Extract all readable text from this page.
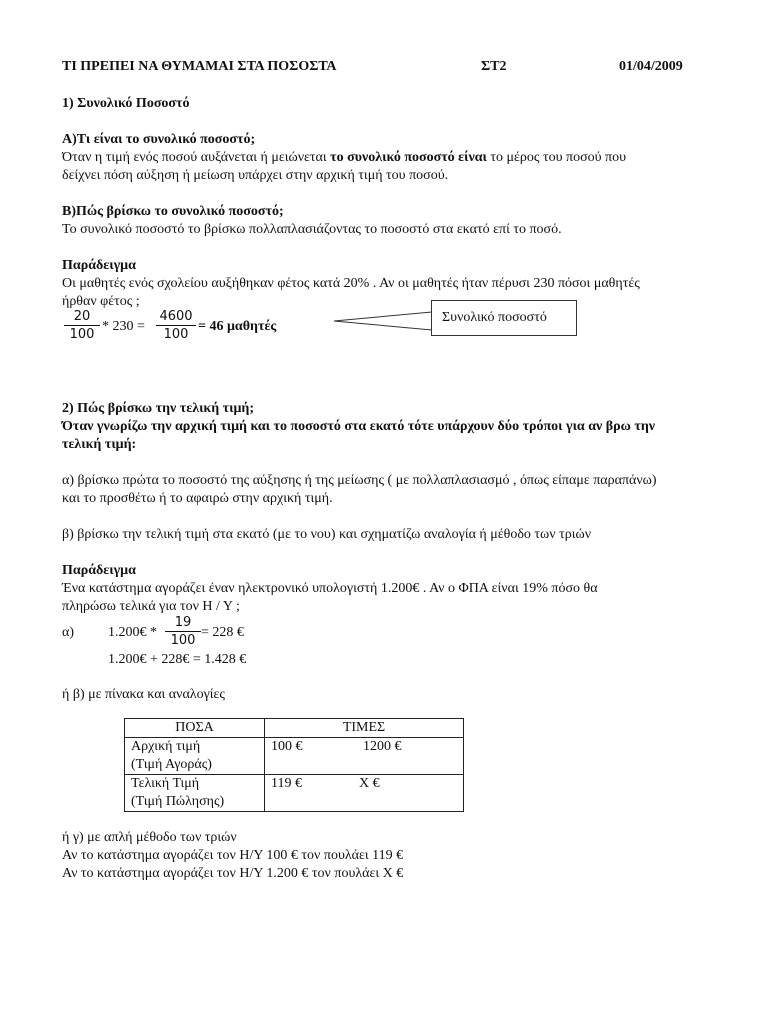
ΤΙ ΠΡΕΠΕΙ ΝΑ ΘΥΜΑΜΑΙ ΣΤΑ ΠΟΣΟΣΤΑ	ΣΤ2	01/04/2009
1) Συνολικό Ποσοστό
Α)Τι είναι το συνολικό ποσοστό;
Όταν η τιμή ενός ποσού αυξάνεται ή μειώνεται το συνολικό ποσοστό είναι το μέρος του ποσού που
δείχνει πόση αύξηση ή μείωση υπάρχει στην αρχική τιμή του ποσού.
Β)Πώς βρίσκω το συνολικό ποσοστό;
Το συνολικό ποσοστό το βρίσκω πολλαπλασιάζοντας το ποσοστό στα εκατό επί το ποσό.
Παράδειγμα
Οι μαθητές ενός σχολείου αυξήθηκαν φέτος κατά 20% . Αν οι μαθητές ήταν πέρυσι 230 πόσοι μαθητές
ήρθαν φέτος ;
20
100
* 230 =
4600
100
= 46 μαθητές
Συνολικό ποσοστό
2) Πώς βρίσκω την τελική τιμή;
Όταν γνωρίζω την αρχική τιμή και το ποσοστό στα εκατό τότε υπάρχουν δύο τρόποι για αν βρω την
τελική τιμή:
α) βρίσκω πρώτα το ποσοστό της αύξησης ή της μείωσης ( με πολλαπλασιασμό , όπως είπαμε παραπάνω)
και το προσθέτω ή το αφαιρώ στην αρχική τιμή.
β) βρίσκω την τελική τιμή στα εκατό (με το νου) και σχηματίζω αναλογία ή μέθοδο των τριών
Παράδειγμα
Ένα κατάστημα αγοράζει έναν ηλεκτρονικό υπολογιστή 1.200€ . Αν ο ΦΠΑ είναι 19% πόσο θα
πληρώσω τελικά για τον Η / Υ ;
α) 1.200€ *
19
100
= 228 €
1.200€ + 228€ = 1.428 €
ή β) με πίνακα και αναλογίες
ΠΟΣΑ	ΤΙΜΕΣ	
Αρχική τιμή
(Τιμή Αγοράς)	100 €	1200 €
Τελική Τιμή
(Τιμή Πώλησης)	119 €	Χ €
ή γ) με απλή μέθοδο των τριών
Αν το κατάστημα αγοράζει τον Η/Υ 100 € τον πουλάει 119 €
Αν το κατάστημα αγοράζει τον Η/Υ 1.200 € τον πουλάει Χ €
